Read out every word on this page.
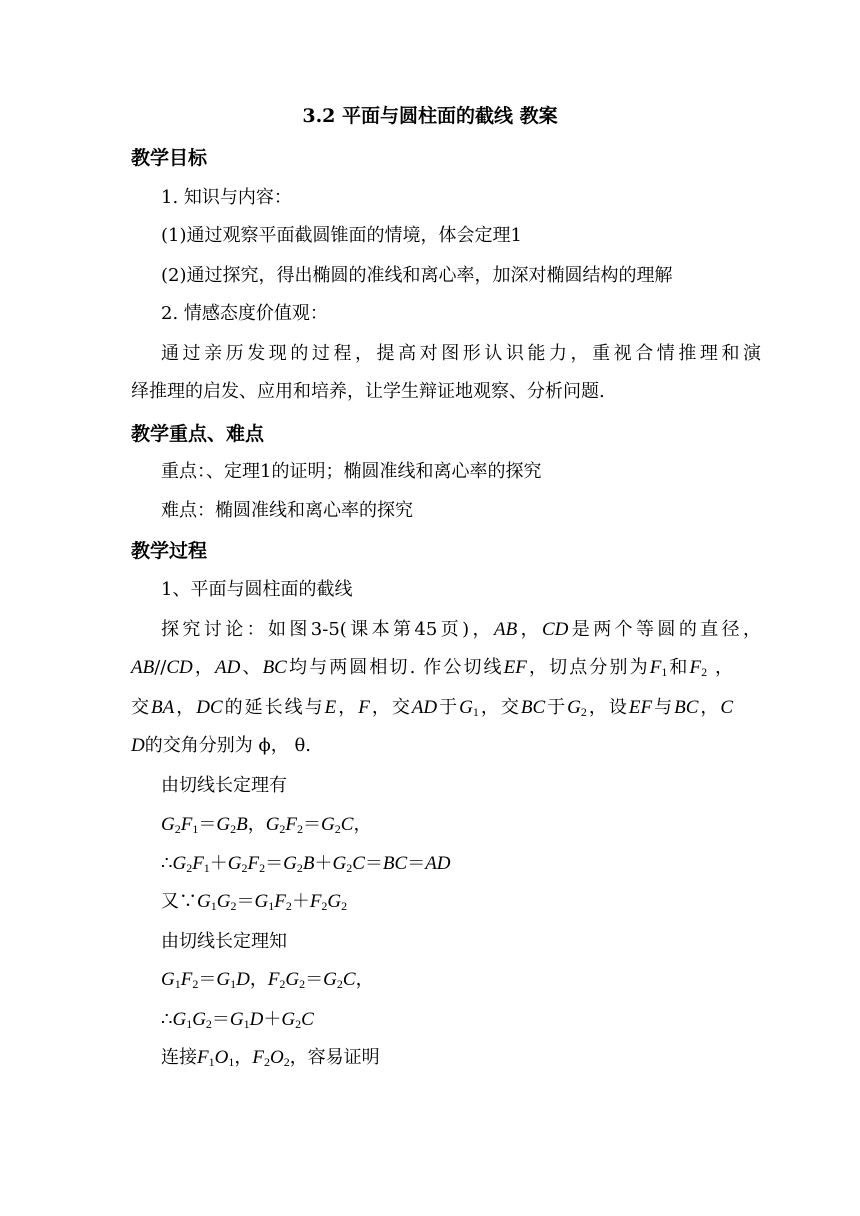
3.2 平面与圆柱面的截线 教案
教学目标
1. 知识与内容：
(1)通过观察平面截圆锥面的情境，体会定理1
(2)通过探究，得出椭圆的准线和离心率，加深对椭圆结构的理解
2. 情感态度价值观：
通过亲历发现的过程，提高对图形认识能力，重视合情推理和演
绎推理的启发、应用和培养，让学生辩证地观察、分析问题.
教学重点、难点
重点：、定理1的证明；椭圆准线和离心率的探究
难点：椭圆准线和离心率的探究
教学过程
1、平面与圆柱面的截线
探究讨论：如图3-5(课本第45页)，AB，CD是两个等圆的直径，
AB//CD，AD、BC均与两圆相切. 作公切线EF，切点分别为$F_1$和$F_2$ ，
交BA，DC的延长线与E，F，交AD于$G_1$，交BC于$G_2$，设EF与BC，C
D的交角分别为 ϕ， θ.
由切线长定理有
$G_2F_1=G_2B$，$G_2F_2=G_2C$，
$\therefore G_2F_1+G_2F_2=G_2B+G_2C=BC=AD$
又$\because G_1G_2=G_1F_2+F_2G_2$
由切线长定理知
$G_1F_2=G_1D$，$F_2G_2=G_2C$，
$\therefore G_1G_2=G_1D+G_2C$
连接$F_1O_1$，$F_2O_2$，容易证明
